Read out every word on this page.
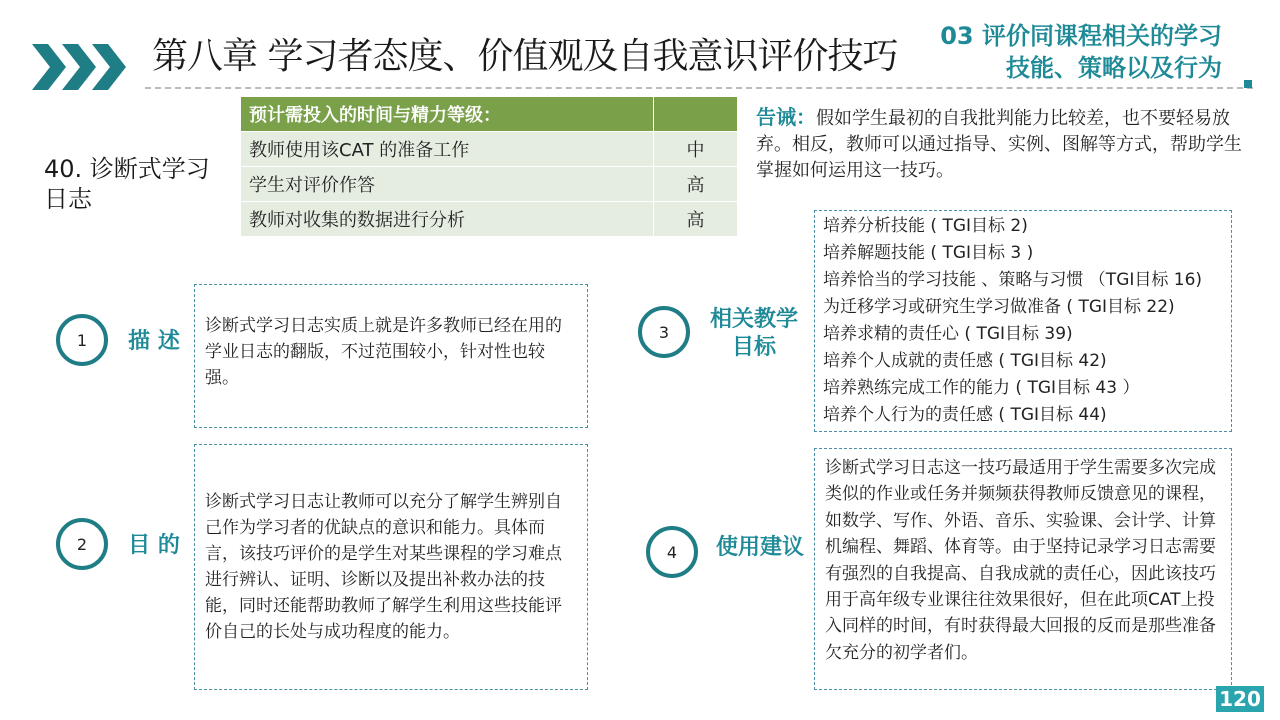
第八章 学习者态度、价值观及自我意识评价技巧	03 评价同课程相关的学习
技能、策略以及行为
40. 诊断式学习
日志
预计需投入的时间与精力等级：	
教师使用该CAT 的准备工作	中
学生对评价作答	高
教师对收集的数据进行分析	高
告诫：假如学生最初的自我批判能力比较差，也不要轻易放弃。相反，教师可以通过指导、实例、图解等方式，帮助学生掌握如何运用这一技巧。
1	描 述
诊断式学习日志实质上就是许多教师已经在用的学业日志的翻版，不过范围较小，针对性也较强。
2	目 的
诊断式学习日志让教师可以充分了解学生辨别自己作为学习者的优缺点的意识和能力。具体而言，该技巧评价的是学生对某些课程的学习难点进行辨认、证明、诊断以及提出补救办法的技能，同时还能帮助教师了解学生利用这些技能评价自己的长处与成功程度的能力。
3	相关教学
目标
培养分析技能 ( TGI目标 2)
培养解题技能 ( TGI目标 3 )
培养恰当的学习技能 、策略与习惯 （TGI目标 16)
为迁移学习或研究生学习做准备 ( TGI目标 22)
培养求精的责任心 ( TGI目标 39)
培养个人成就的责任感 ( TGI目标 42)
培养熟练完成工作的能力 ( TGI目标 43 ）
培养个人行为的责任感 ( TGI目标 44)
4	使用建议
诊断式学习日志这一技巧最适用于学生需要多次完成类似的作业或任务并频频获得教师反馈意见的课程，如数学、写作、外语、音乐、实验课、会计学、计算机编程、舞蹈、体育等。由于坚持记录学习日志需要有强烈的自我提高、自我成就的责任心，因此该技巧用于高年级专业课往往效果很好，但在此项CAT上投入同样的时间，有时获得最大回报的反而是那些准备欠充分的初学者们。
120
